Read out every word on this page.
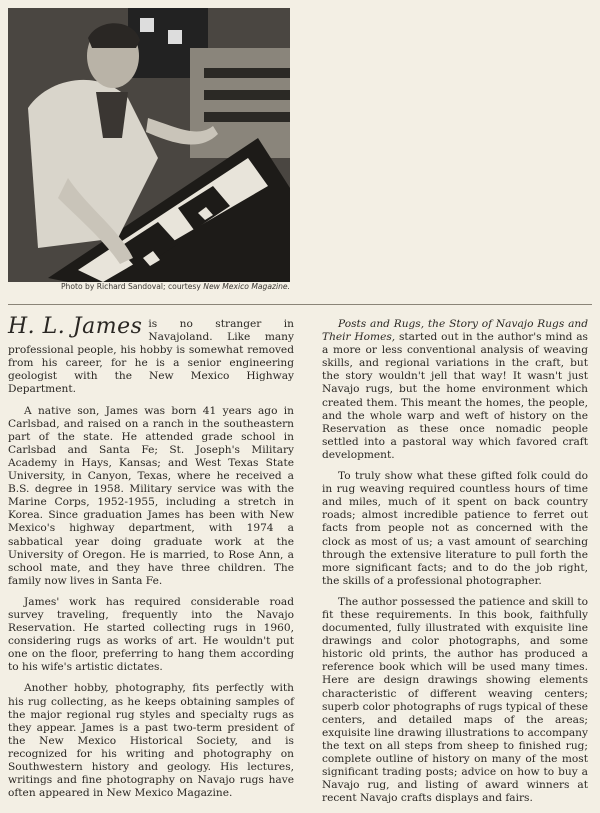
Photo by Richard Sandoval; courtesy New Mexico Magazine.

H. L. James is no stranger in Navajoland. Like many professional people, his hobby is somewhat removed from his career, for he is a senior engineering geologist with the New Mexico Highway Department.

A native son, James was born 41 years ago in Carlsbad, and raised on a ranch in the southeastern part of the state. He attended grade school in Carlsbad and Santa Fe; St. Joseph's Military Academy in Hays, Kansas; and West Texas State University, in Canyon, Texas, where he received a B.S. degree in 1958. Military service was with the Marine Corps, 1952-1955, including a stretch in Korea. Since graduation James has been with New Mexico's highway department, with 1974 a sabbatical year doing graduate work at the University of Oregon. He is married, to Rose Ann, a school mate, and they have three children. The family now lives in Santa Fe.

James' work has required considerable road survey traveling, frequently into the Navajo Reservation. He started collecting rugs in 1960, considering rugs as works of art. He wouldn't put one on the floor, preferring to hang them according to his wife's artistic dictates.

Another hobby, photography, fits perfectly with his rug collecting, as he keeps obtaining samples of the major regional rug styles and specialty rugs as they appear. James is a past two-term president of the New Mexico Historical Society, and is recognized for his writing and photography on Southwestern history and geology. His lectures, writings and fine photography on Navajo rugs have often appeared in New Mexico Magazine.

Posts and Rugs, the Story of Navajo Rugs and Their Homes, started out in the author's mind as a more or less conventional analysis of weaving skills, and regional variations in the craft, but the story wouldn't jell that way! It wasn't just Navajo rugs, but the home environment which created them. This meant the homes, the people, and the whole warp and weft of history on the Reservation as these once nomadic people settled into a pastoral way which favored craft development.

To truly show what these gifted folk could do in rug weaving required countless hours of time and miles, much of it spent on back country roads; almost incredible patience to ferret out facts from people not as concerned with the clock as most of us; a vast amount of searching through the extensive literature to pull forth the more significant facts; and to do the job right, the skills of a professional photographer.

The author possessed the patience and skill to fit these requirements. In this book, faithfully documented, fully illustrated with exquisite line drawings and color photographs, and some historic old prints, the author has produced a reference book which will be used many times. Here are design drawings showing elements characteristic of different weaving centers; superb color photographs of rugs typical of these centers, and detailed maps of the areas; exquisite line drawing illustrations to accompany the text on all steps from sheep to finished rug; complete outline of history on many of the most significant trading posts; advice on how to buy a Navajo rug, and listing of award winners at recent Navajo crafts displays and fairs.
